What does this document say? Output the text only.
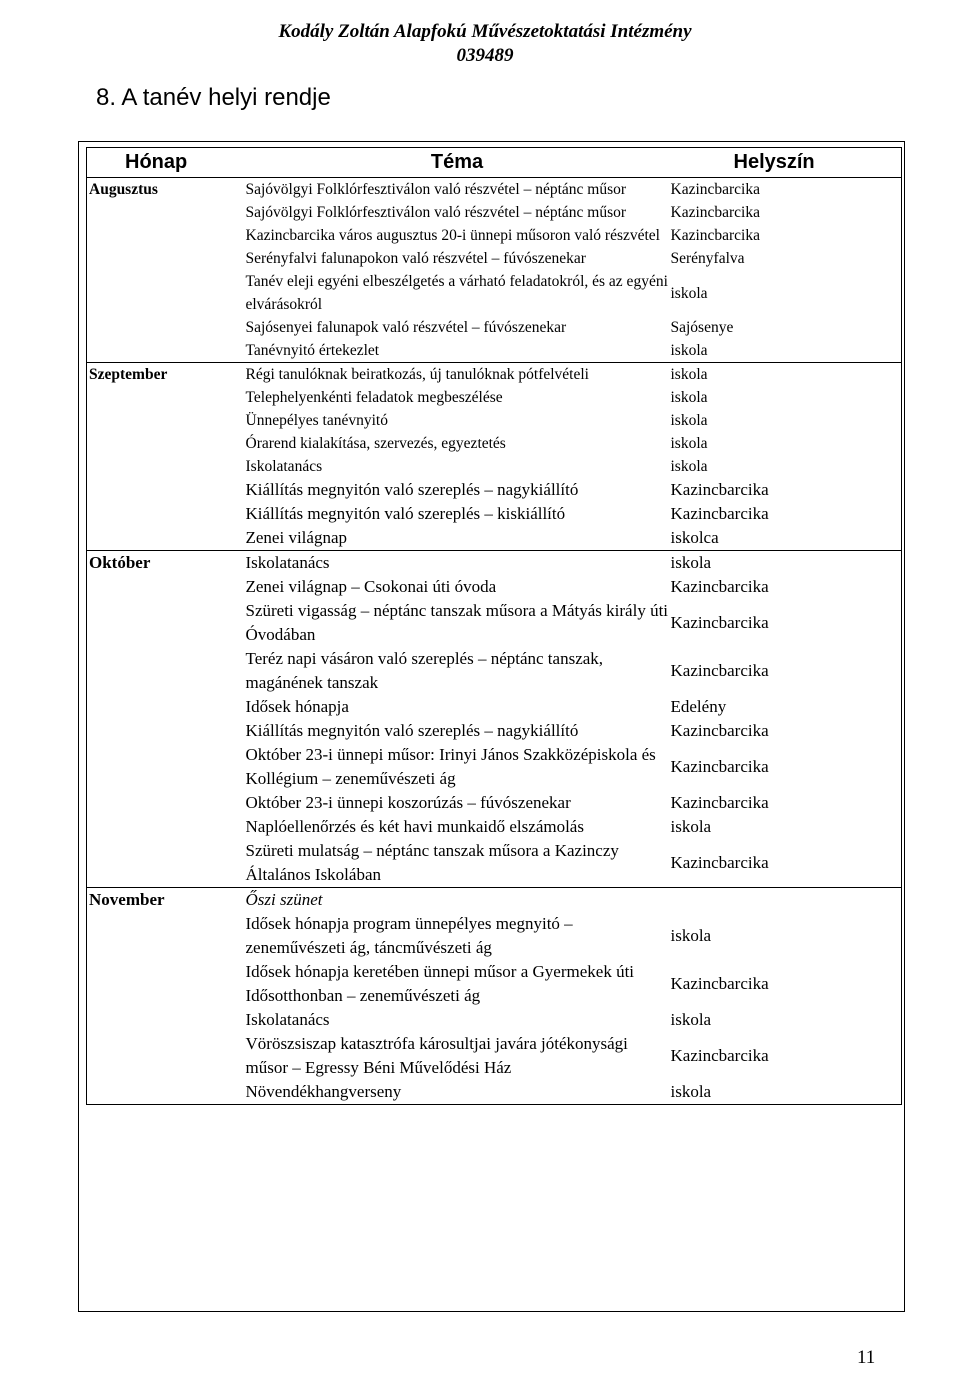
Kodály Zoltán Alapfokú Művészetoktatási Intézmény
039489
8. A tanév helyi rendje
Hónap	Téma	Helyszín
Augusztus	Sajóvölgyi Folklórfesztiválon való részvétel – néptánc műsor	Kazincbarcika
	Sajóvölgyi Folklórfesztiválon való részvétel – néptánc műsor	Kazincbarcika
	Kazincbarcika város augusztus 20-i ünnepi műsoron való részvétel	Kazincbarcika
	Serényfalvi falunapokon való részvétel – fúvószenekar	Serényfalva
	Tanév eleji egyéni elbeszélgetés a várható feladatokról, és az egyéni elvárásokról	iskola
	Sajósenyei falunapok való részvétel – fúvószenekar	Sajósenye
	Tanévnyitó értekezlet	iskola
Szeptember	Régi tanulóknak beiratkozás, új tanulóknak pótfelvételi	iskola
	Telephelyenkénti feladatok megbeszélése	iskola
	Ünnepélyes tanévnyitó	iskola
	Órarend kialakítása, szervezés, egyeztetés	iskola
	Iskolatanács	iskola
	Kiállítás megnyitón való szereplés – nagykiállító	Kazincbarcika
	Kiállítás megnyitón való szereplés – kiskiállító	Kazincbarcika
	Zenei világnap	iskolca
Október	Iskolatanács	iskola
	Zenei világnap – Csokonai úti óvoda	Kazincbarcika
	Szüreti vigasság – néptánc tanszak műsora a Mátyás király úti Óvodában	Kazincbarcika
	Teréz napi vásáron való szereplés – néptánc tanszak, magánének tanszak	Kazincbarcika
	Idősek hónapja	Edelény
	Kiállítás megnyitón való szereplés – nagykiállító	Kazincbarcika
	Október 23-i ünnepi műsor: Irinyi János Szakközépiskola és Kollégium – zeneművészeti ág	Kazincbarcika
	Október 23-i ünnepi koszorúzás – fúvószenekar	Kazincbarcika
	Naplóellenőrzés és két havi munkaidő elszámolás	iskola
	Szüreti mulatság – néptánc tanszak műsora a Kazinczy Általános Iskolában	Kazincbarcika
November	Őszi szünet	
	Idősek hónapja program ünnepélyes megnyitó – zeneművészeti ág, táncművészeti ág	iskola
	Idősek hónapja keretében ünnepi műsor a Gyermekek úti Idősotthonban – zeneművészeti ág	Kazincbarcika
	Iskolatanács	iskola
	Vöröszsiszap katasztrófa károsultjai javára jótékonysági műsor – Egressy Béni Művelődési Ház	Kazincbarcika
	Növendékhangverseny	iskola
11
